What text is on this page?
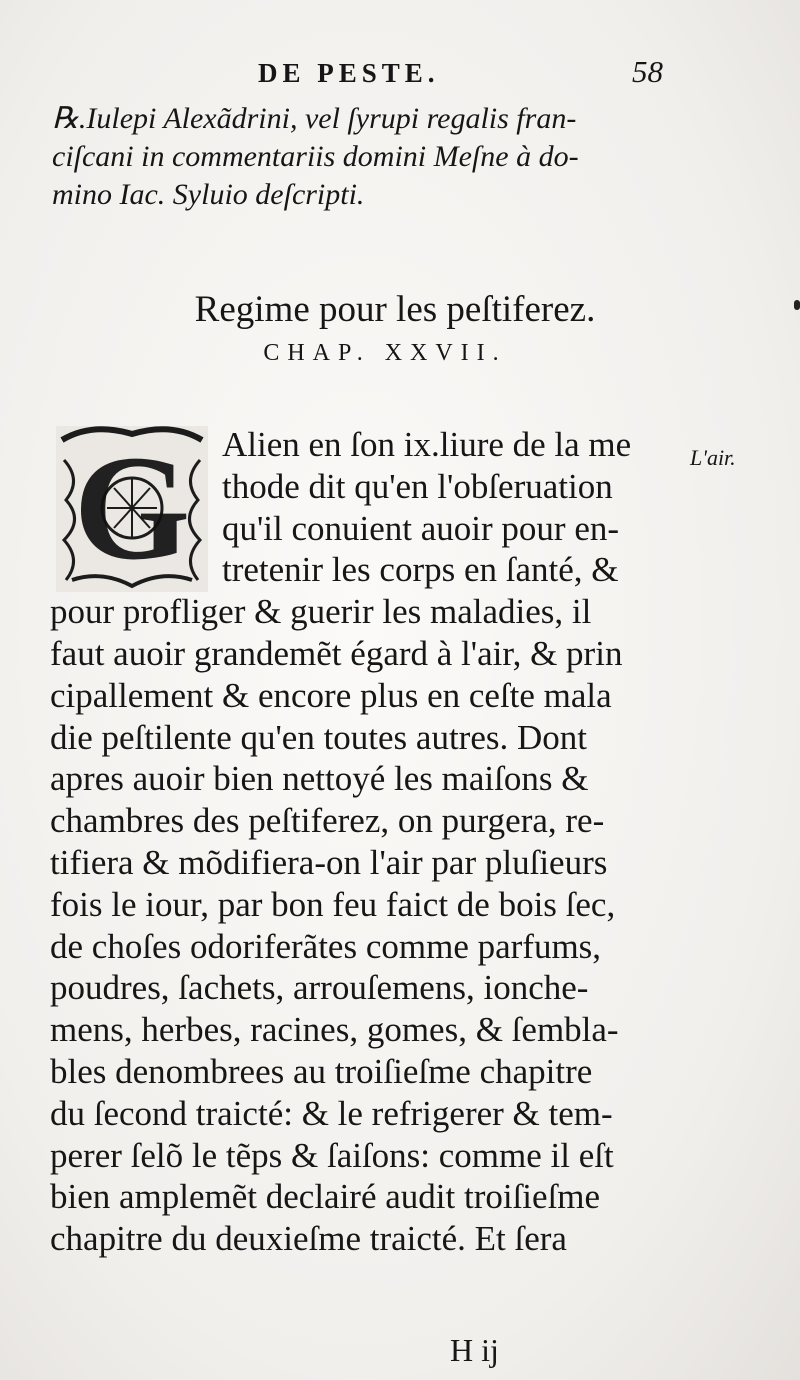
DE PESTE.	58
℞.Iulepi Alexãdrini, vel ſyrupi regalis fran-
ciſcani in commentariis domini Meſne à do-
mino Iac. Syluio deſcripti.
Regime pour les peſtiferez.
CHAP. XXVII.
G	L'air.
Alien en ſon ix.liure de la me
thode dit qu'en l'obſeruation
qu'il conuient auoir pour en-
tretenir les corps en ſanté, &
pour profliger & guerir les maladies, il
faut auoir grandemẽt égard à l'air, & prin
cipallement & encore plus en ceſte mala
die peſtilente qu'en toutes autres. Dont
apres auoir bien nettoyé les maiſons &
chambres des peſtiferez, on purgera, re-
tifiera & mõdifiera-on l'air par pluſieurs
fois le iour, par bon feu faict de bois ſec,
de choſes odoriferãtes comme parfums,
poudres, ſachets, arrouſemens, ionche-
mens, herbes, racines, gomes, & ſembla-
bles denombrees au troiſieſme chapitre
du ſecond traicté: & le refrigerer & tem-
perer ſelõ le tẽps & ſaiſons: comme il eſt
bien amplemẽt declairé audit troiſieſme
chapitre du deuxieſme traicté. Et ſera
H ij
